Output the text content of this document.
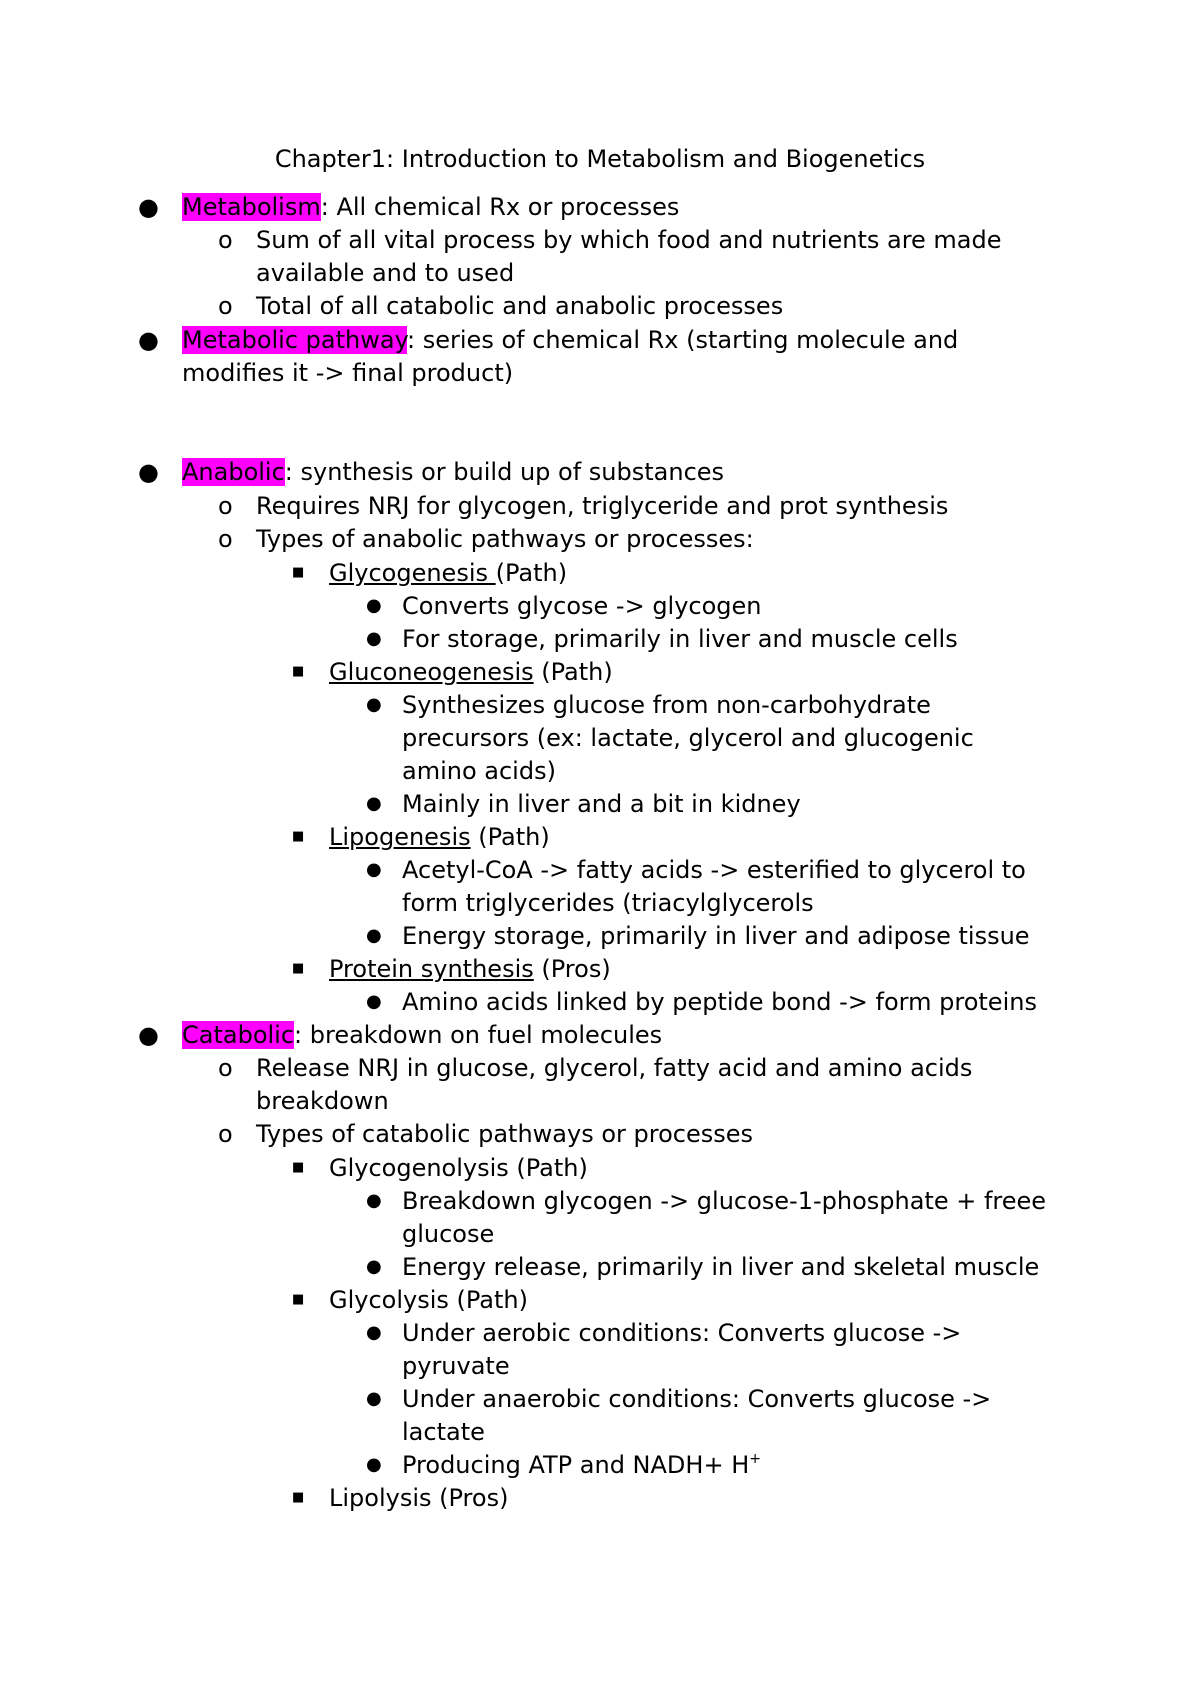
Chapter1: Introduction to Metabolism and Biogenetics
● Metabolism: All chemical Rx or processes
o Sum of all vital process by which food and nutrients are made
available and to used
o Total of all catabolic and anabolic processes
● Metabolic pathway: series of chemical Rx (starting molecule and
modifies it -> final product)
● Anabolic: synthesis or build up of substances
o Requires NRJ for glycogen, triglyceride and prot synthesis
o Types of anabolic pathways or processes:
■ Glycogenesis (Path)
● Converts glycose -> glycogen
● For storage, primarily in liver and muscle cells
■ Gluconeogenesis (Path)
● Synthesizes glucose from non-carbohydrate
precursors (ex: lactate, glycerol and glucogenic
amino acids)
● Mainly in liver and a bit in kidney
■ Lipogenesis (Path)
● Acetyl-CoA -> fatty acids -> esterified to glycerol to
form triglycerides (triacylglycerols
● Energy storage, primarily in liver and adipose tissue
■ Protein synthesis (Pros)
● Amino acids linked by peptide bond -> form proteins
● Catabolic: breakdown on fuel molecules
o Release NRJ in glucose, glycerol, fatty acid and amino acids
breakdown
o Types of catabolic pathways or processes
■ Glycogenolysis (Path)
● Breakdown glycogen -> glucose-1-phosphate + freee
glucose
● Energy release, primarily in liver and skeletal muscle
■ Glycolysis (Path)
● Under aerobic conditions: Converts glucose ->
pyruvate
● Under anaerobic conditions: Converts glucose ->
lactate
● Producing ATP and NADH+ H+
■ Lipolysis (Pros)
